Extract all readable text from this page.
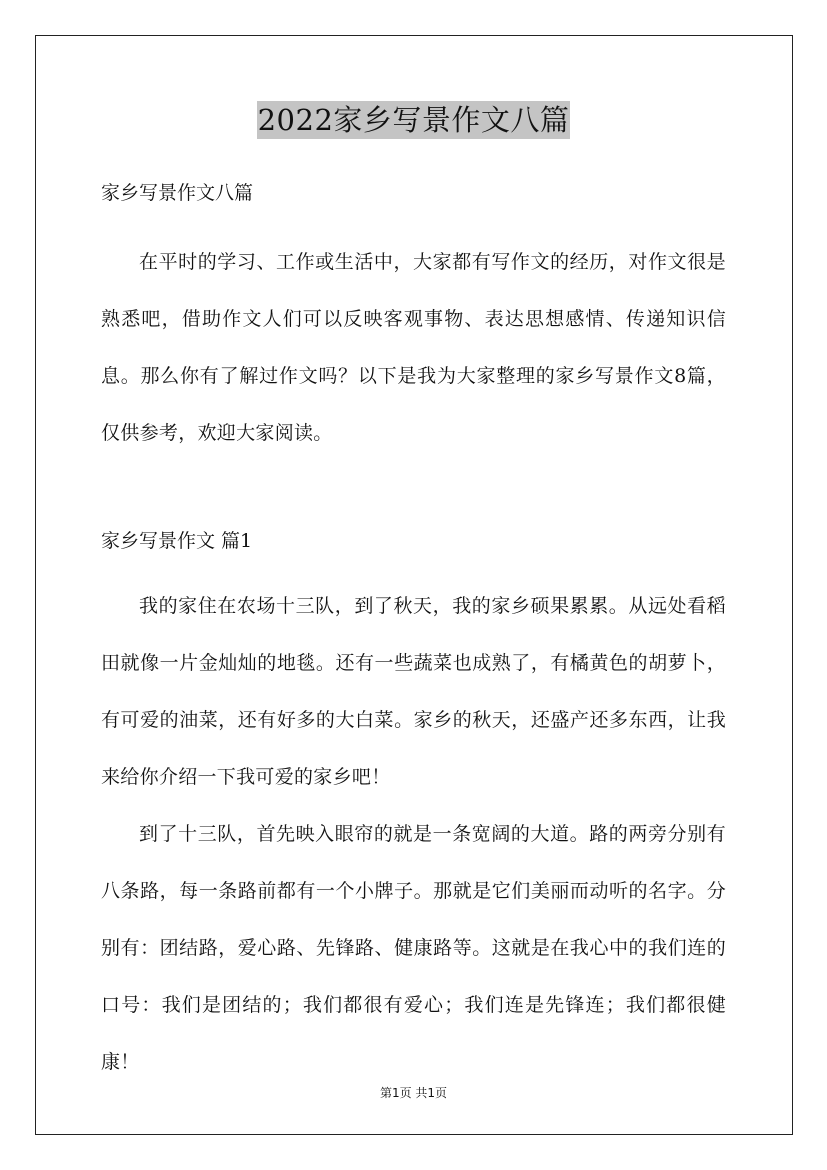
2022家乡写景作文八篇
家乡写景作文八篇

在平时的学习、工作或生活中，大家都有写作文的经历，对作文很是熟悉吧，借助作文人们可以反映客观事物、表达思想感情、传递知识信息。那么你有了解过作文吗？以下是我为大家整理的家乡写景作文8篇，仅供参考，欢迎大家阅读。

家乡写景作文 篇1

我的家住在农场十三队，到了秋天，我的家乡硕果累累。从远处看稻田就像一片金灿灿的地毯。还有一些蔬菜也成熟了，有橘黄色的胡萝卜，有可爱的油菜，还有好多的大白菜。家乡的秋天，还盛产还多东西，让我来给你介绍一下我可爱的家乡吧！

到了十三队，首先映入眼帘的就是一条宽阔的大道。路的两旁分别有八条路，每一条路前都有一个小牌子。那就是它们美丽而动听的名字。分别有：团结路，爱心路、先锋路、健康路等。这就是在我心中的我们连的口号：我们是团结的；我们都很有爱心；我们连是先锋连；我们都很健康！

第1页 共1页
